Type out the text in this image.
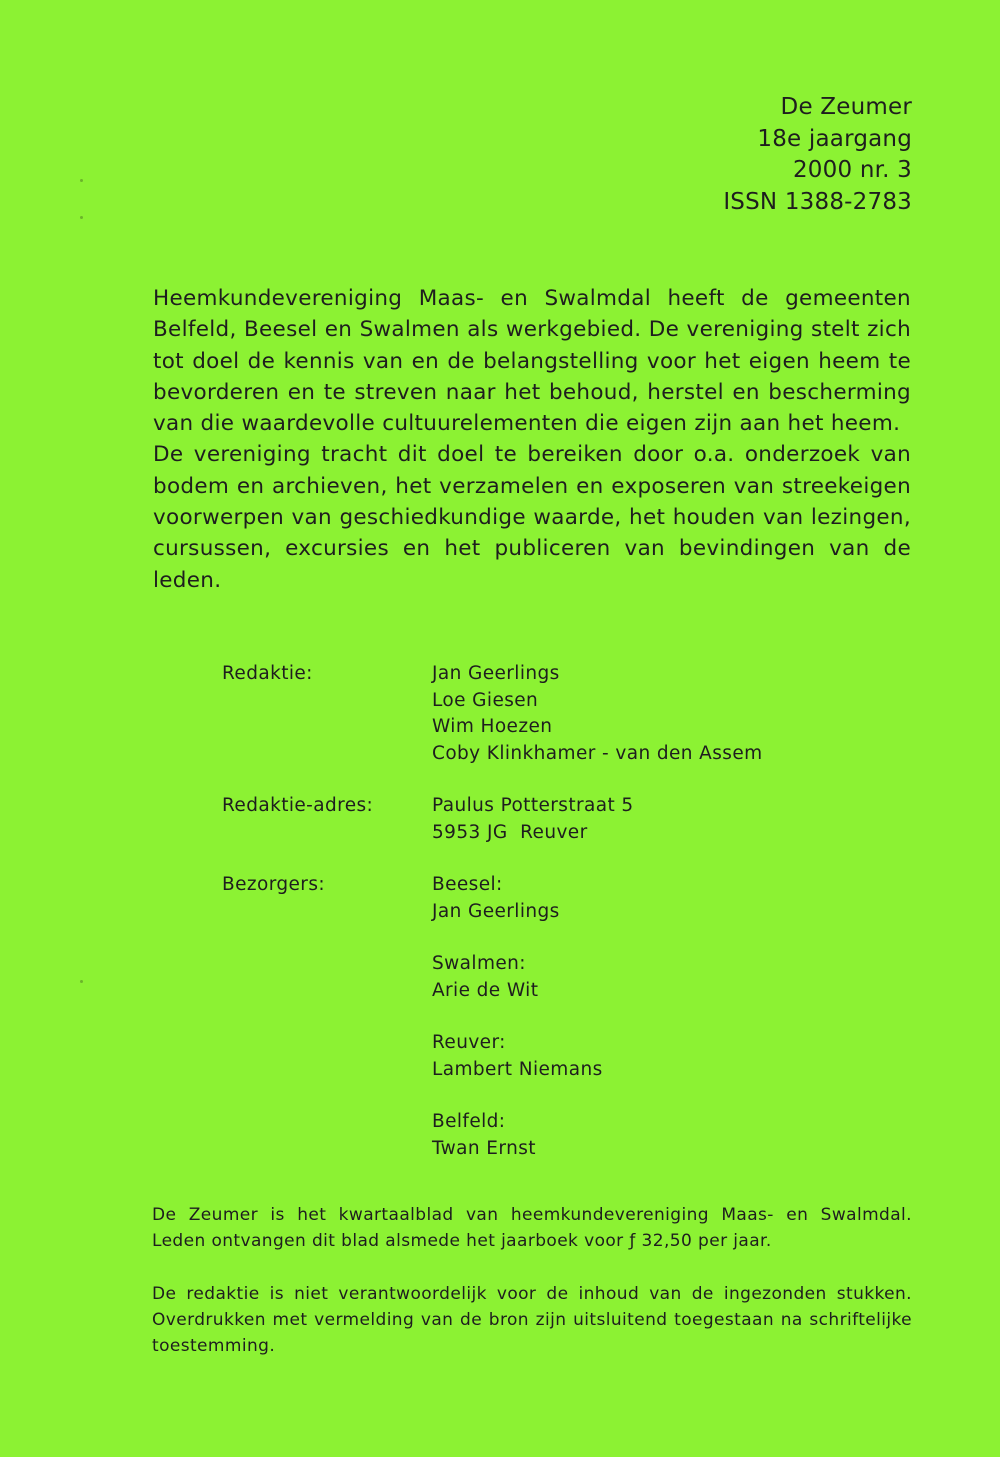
De Zeumer
18e jaargang
2000 nr. 3
ISSN 1388-2783

Heemkundevereniging Maas- en Swalmdal heeft de gemeenten Belfeld, Beesel en Swalmen als werkgebied. De vereniging stelt zich tot doel de kennis van en de belangstelling voor het eigen heem te bevorderen en te streven naar het behoud, herstel en bescherming van die waardevolle cultuurelementen die eigen zijn aan het heem.

De vereniging tracht dit doel te bereiken door o.a. onderzoek van bodem en archieven, het verzamelen en exposeren van streekeigen voorwerpen van geschiedkundige waarde, het houden van lezingen, cursussen, excursies en het publiceren van bevindingen van de leden.

Redaktie:	Jan Geerlings
Loe Giesen
Wim Hoezen
Coby Klinkhamer - van den Assem
Redaktie-adres:	Paulus Potterstraat 5
5953 JG  Reuver
Bezorgers:	Beesel:
Jan Geerlings
Swalmen:
Arie de Wit
Reuver:
Lambert Niemans
Belfeld:
Twan Ernst

De Zeumer is het kwartaalblad van heemkundevereniging Maas- en Swalmdal. Leden ontvangen dit blad alsmede het jaarboek voor ƒ 32,50 per jaar.

De redaktie is niet verantwoordelijk voor de inhoud van de ingezonden stukken. Overdrukken met vermelding van de bron zijn uitsluitend toegestaan na schriftelijke toestemming.
